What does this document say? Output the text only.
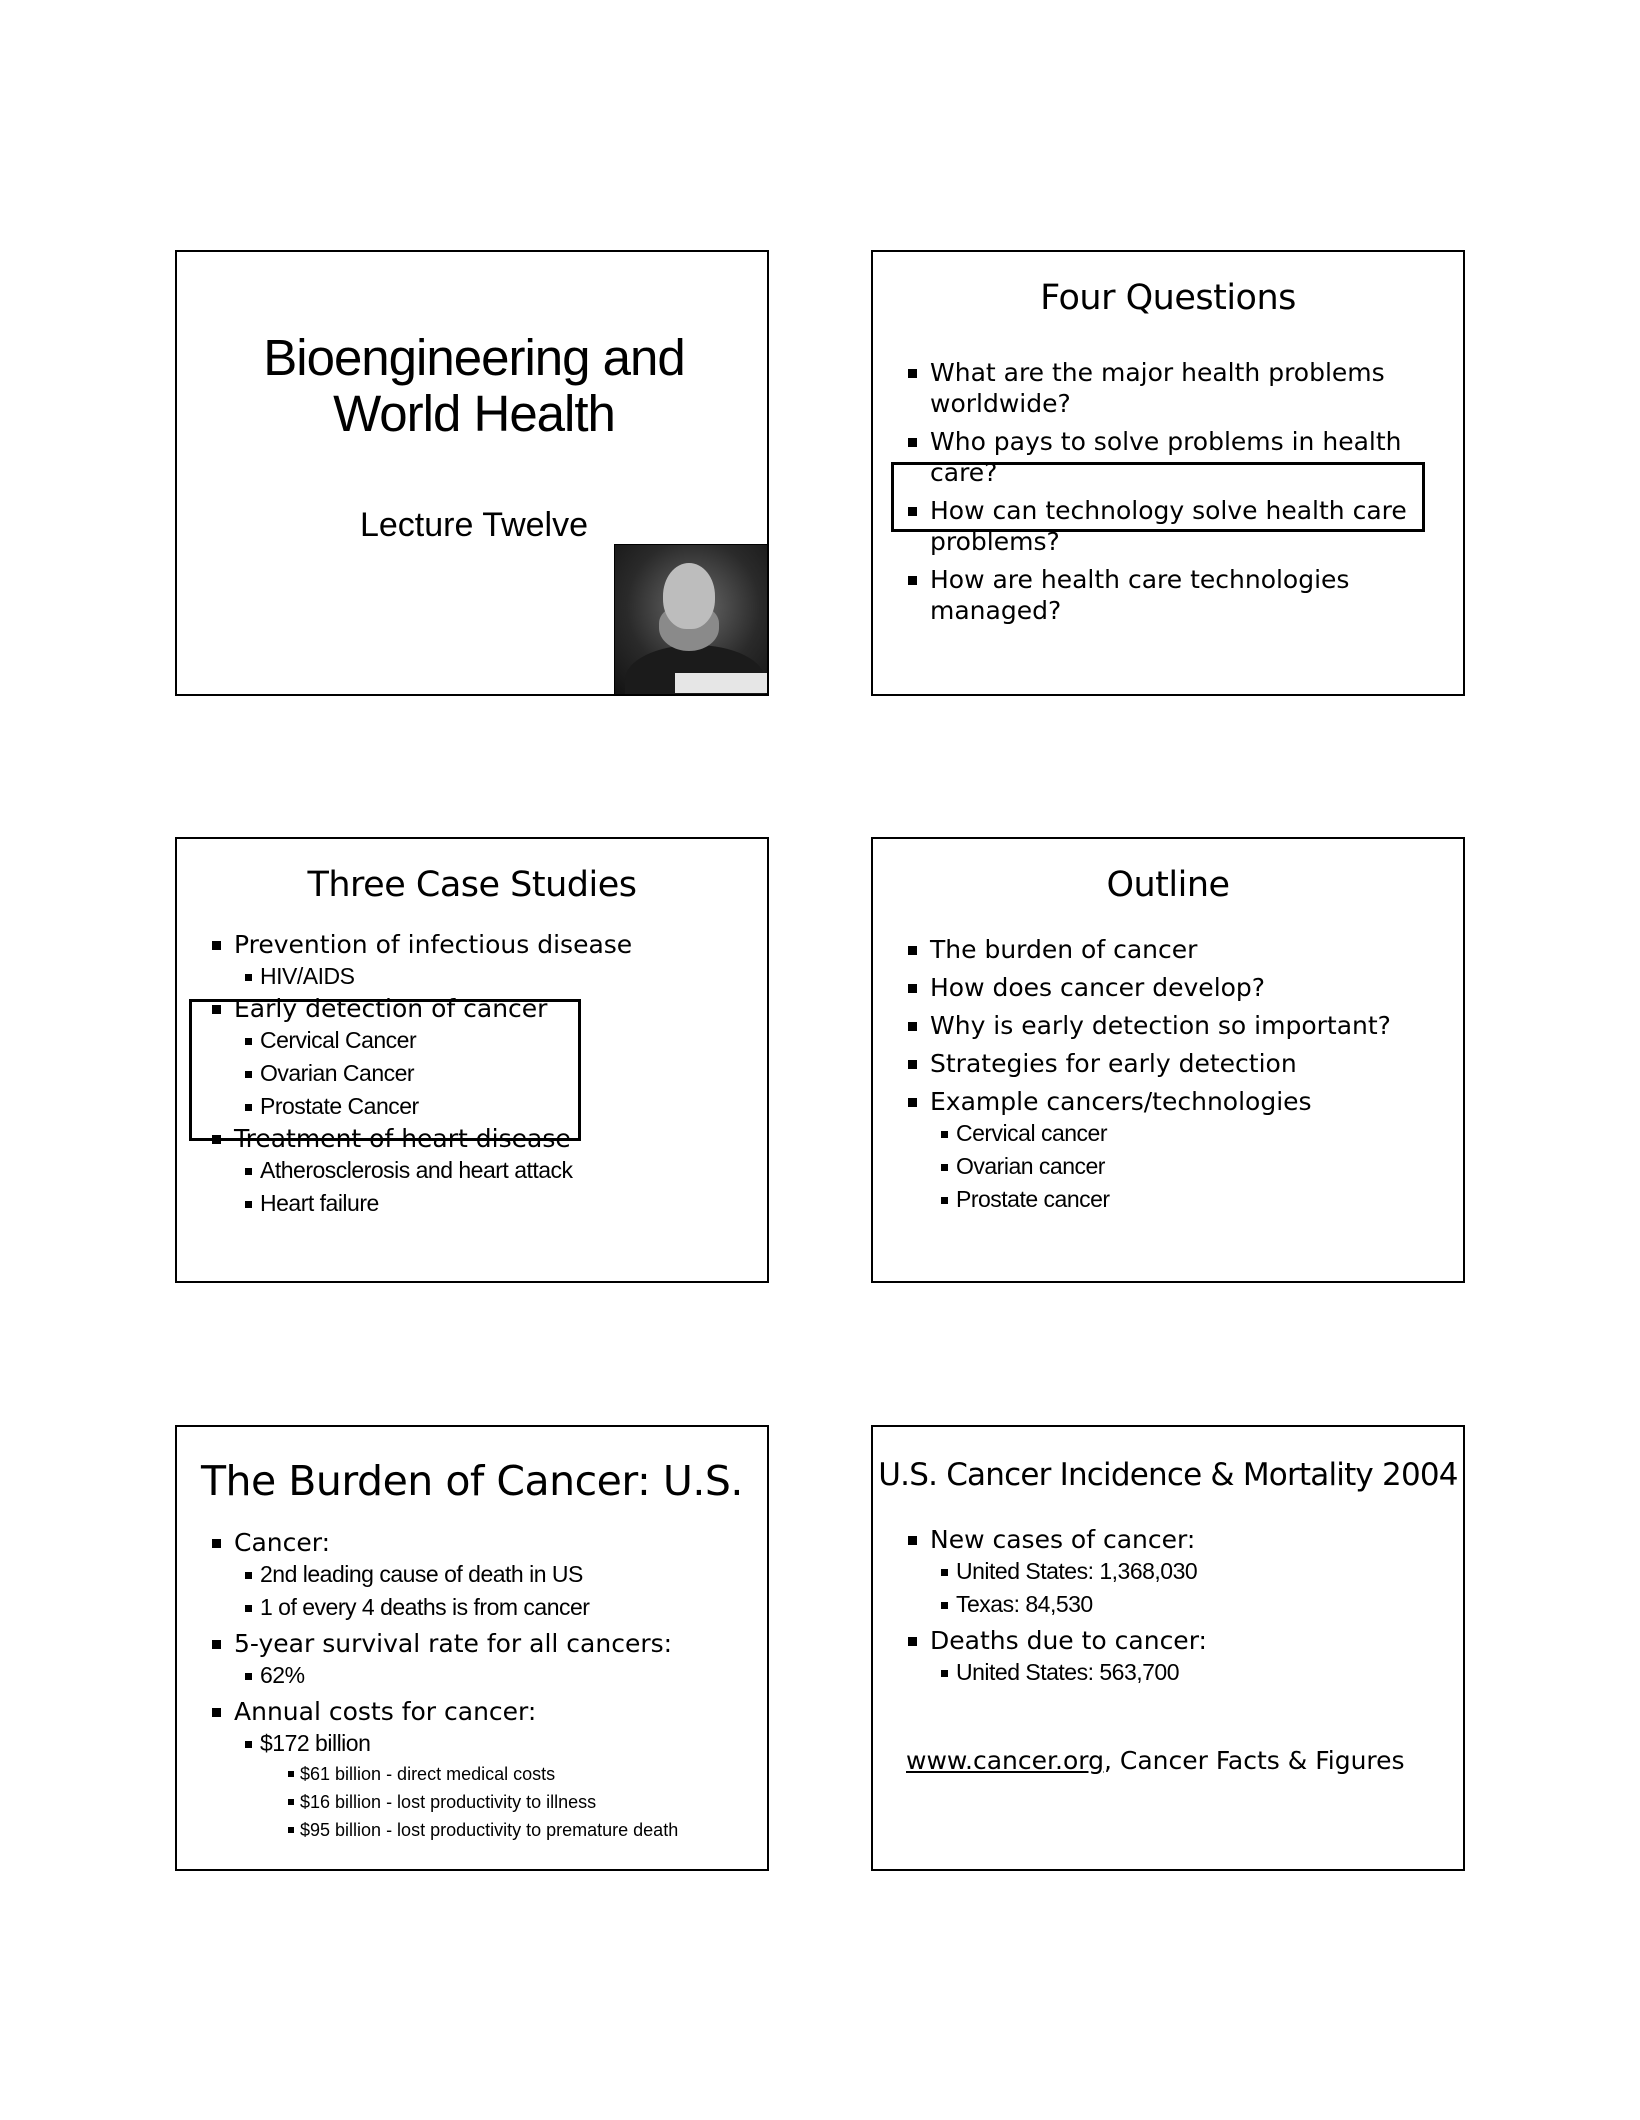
Bioengineering and
World Health
Lecture Twelve
Four Questions
What are the major health problems worldwide?
Who pays to solve problems in health care?
How can technology solve health care problems?
How are health care technologies managed?
Three Case Studies
Prevention of infectious disease
HIV/AIDS
Early detection of cancer
Cervical Cancer
Ovarian Cancer
Prostate Cancer
Treatment of heart disease
Atherosclerosis and heart attack
Heart failure
Outline
The burden of cancer
How does cancer develop?
Why is early detection so important?
Strategies for early detection
Example cancers/technologies
Cervical cancer
Ovarian cancer
Prostate cancer
The Burden of Cancer: U.S.
Cancer:
2nd leading cause of death in US
1 of every 4 deaths is from cancer
5-year survival rate for all cancers:
62%
Annual costs for cancer:
$172 billion
$61 billion - direct medical costs
$16 billion - lost productivity to illness
$95 billion - lost productivity to premature death
U.S. Cancer Incidence & Mortality 2004
New cases of cancer:
United States: 1,368,030
Texas: 84,530
Deaths due to cancer:
United States: 563,700
www.cancer.org, Cancer Facts & Figures
